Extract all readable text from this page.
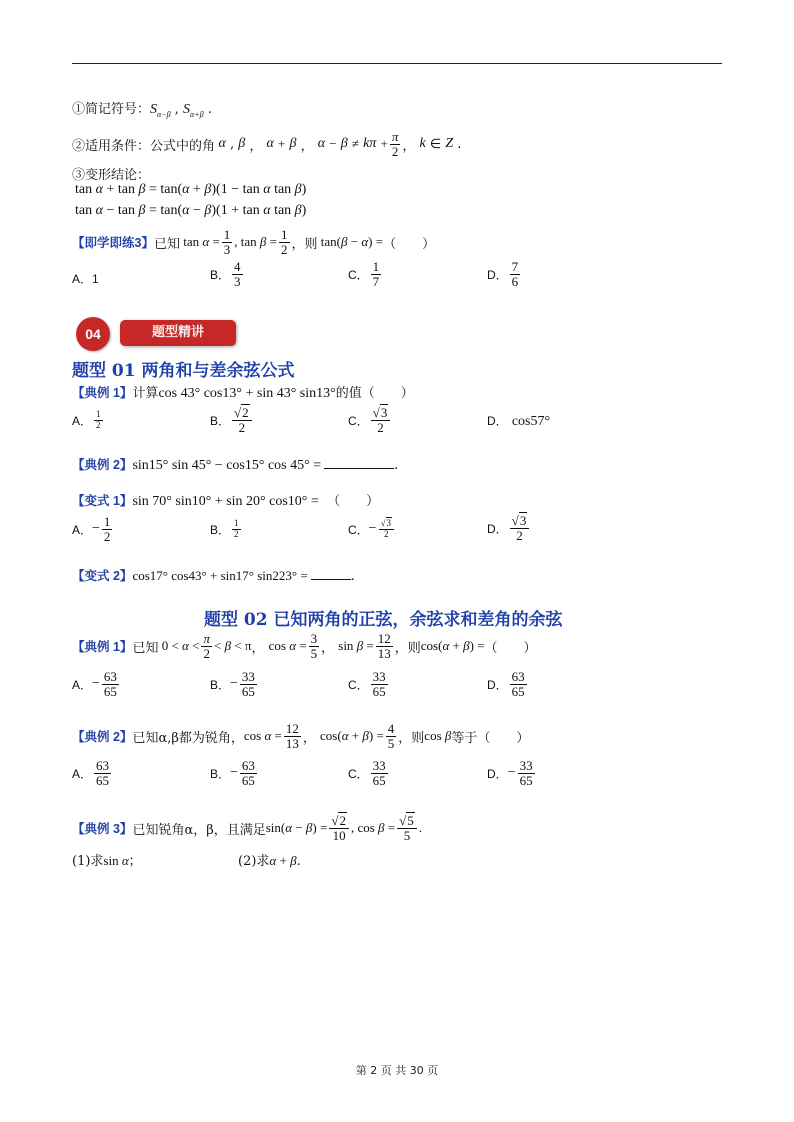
①简记符号：$S_{\alpha-\beta}$ , $S_{\alpha+\beta}$ .
②适用条件：公式中的角 α , β ， α
+
β ， α
−
β
≠
kπ
+ $\frac{\pi}{2}$ ， k
∈
Z .
③变形结论：
tan α + tan β = tan(α + β)(1 − tan α tan β)
tan α − tan β = tan(α − β)(1 + tan α tan β)
【即学即练3】 已知 $\tan \alpha = \frac{1}{3}$ , $\tan \beta = \frac{1}{2}$ ，则 tan(β − α) = （　　）
A．1	B． $\frac{4}{3}$	C． $\frac{1}{7}$	D． $\frac{7}{6}$
04	题型精讲
题型 01 两角和与差余弦公式
【典例 1】计算cos 43° cos13° + sin 43° sin13°的值（　　）
A． $\frac{1}{2}$	B． $\frac{√2}{2}$	C． $\frac{√3}{2}$	D． cos57°
【典例 2】sin15° sin 45° − cos15° cos 45° =	.
【变式 1】sin 70° sin10° + sin 20° cos10° = （　　）
A． − $\frac{1}{2}$	B． $\frac{1}{2}$	C． − $\frac{√3}{2}$	D． $\frac{√3}{2}$
【变式 2】cos17° cos43° + sin17° sin223° =	.
题型 02 已知两角的正弦，余弦求和差角的余弦
【典例 1】 已知 $0 < \alpha < \frac{\pi}{2} < \beta < \pi$ ， $\cos \alpha = \frac{3}{5}$ ， $\sin \beta = \frac{12}{13}$ ，则 cos(α + β) = （　　）
A． − $\frac{63}{65}$	B． − $\frac{33}{65}$	C． $\frac{33}{65}$	D． $\frac{63}{65}$
【典例 2】 已知α,β都为锐角， $\cos \alpha = \frac{12}{13}$ ， $\cos(\alpha + \beta) = \frac{4}{5}$ ，则 cos β 等于（　　）
A． $\frac{63}{65}$	B． − $\frac{63}{65}$	C． $\frac{33}{65}$	D． − $\frac{33}{65}$
【典例 3】 已知锐角α，β，且满足 $\sin(\alpha - \beta) = \frac{√2}{10}$ , $\cos \beta = \frac{√5}{5}$ .
(1)求sin α；	(2)求α + β.
第 2 页 共 30 页
